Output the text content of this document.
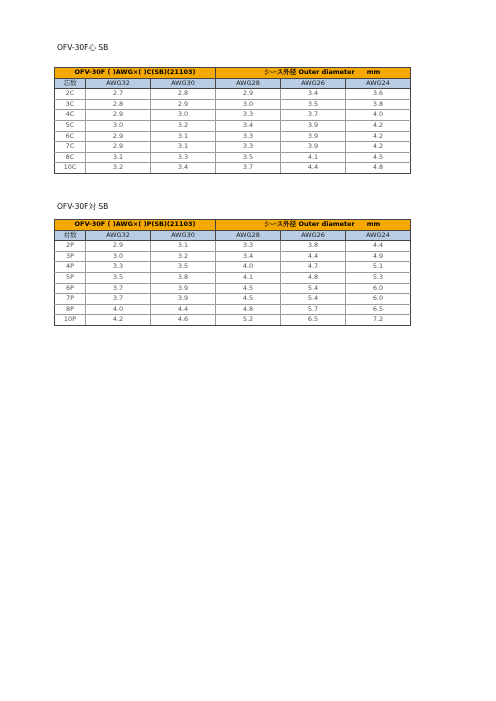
OFV-30F心 SB
OFV-30F ( )AWG×( )C(SB)(21103)			シース外径 Outer diameter mm		
芯数	AWG32	AWG30	AWG28	AWG26	AWG24
2C	2.7	2.8	2.9	3.4	3.6
3C	2.8	2.9	3.0	3.5	3.8
4C	2.9	3.0	3.3	3.7	4.0
5C	3.0	3.2	3.4	3.9	4.2
6C	2.9	3.1	3.3	3.9	4.2
7C	2.9	3.1	3.3	3.9	4.2
8C	3.1	3.3	3.5	4.1	4.5
10C	3.2	3.4	3.7	4.4	4.8
OFV-30F対 SB
OFV-30F ( )AWG×( )P(SB)(21103)			シース外径 Outer diameter mm		
対数	AWG32	AWG30	AWG28	AWG26	AWG24
2P	2.9	3.1	3.3	3.8	4.4
3P	3.0	3.2	3.4	4.4	4.9
4P	3.3	3.5	4.0	4.7	5.1
5P	3.5	3.8	4.1	4.8	5.3
6P	3.7	3.9	4.5	5.4	6.0
7P	3.7	3.9	4.5	5.4	6.0
8P	4.0	4.4	4.8	5.7	6.5
10P	4.2	4.6	5.2	6.5	7.2
